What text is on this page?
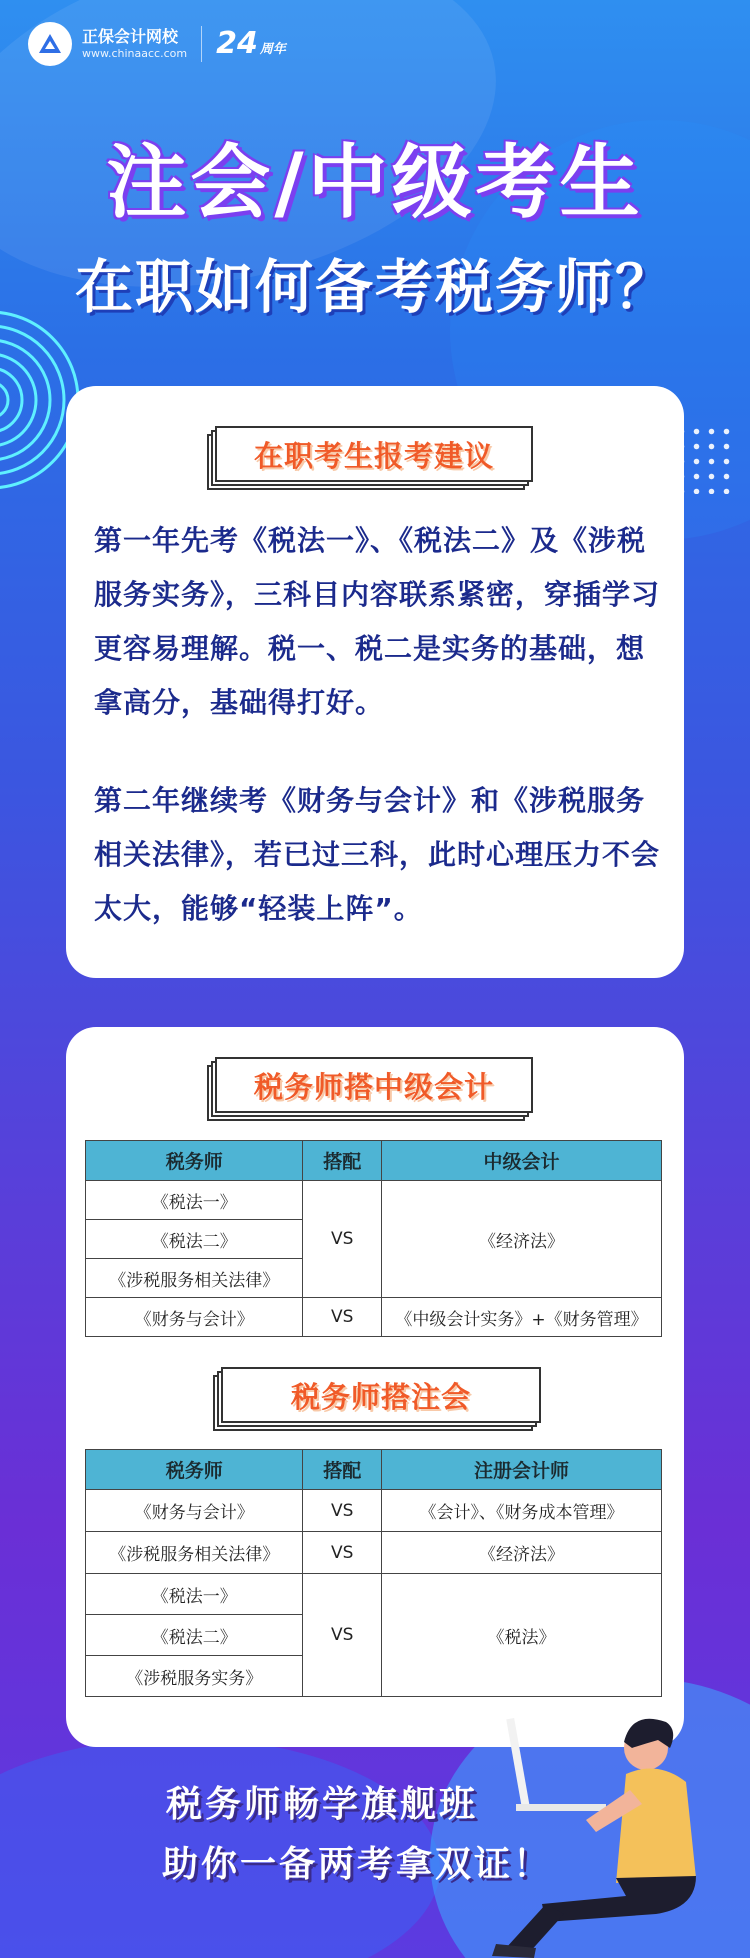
正保会计网校
www.chinaacc.com 24 周年
注会/中级考生
在职如何备考税务师？
在职考生报考建议
第一年先考《税法一》、《税法二》及《涉税服务实务》，三科目内容联系紧密，穿插学习更容易理解。税一、税二是实务的基础，想拿高分，基础得打好。
第二年继续考《财务与会计》和《涉税服务相关法律》，若已过三科，此时心理压力不会太大，能够“轻装上阵”。
税务师搭中级会计
税务师	搭配	中级会计
《税法一》	VS	《经济法》
《税法二》		
《涉税服务相关法律》		
《财务与会计》	VS	《中级会计实务》+《财务管理》
税务师搭注会
税务师	搭配	注册会计师
《财务与会计》	VS	《会计》、《财务成本管理》
《涉税服务相关法律》	VS	《经济法》
《税法一》	VS	《税法》
《税法二》		
《涉税服务实务》		
税务师畅学旗舰班
助你一备两考拿双证！
